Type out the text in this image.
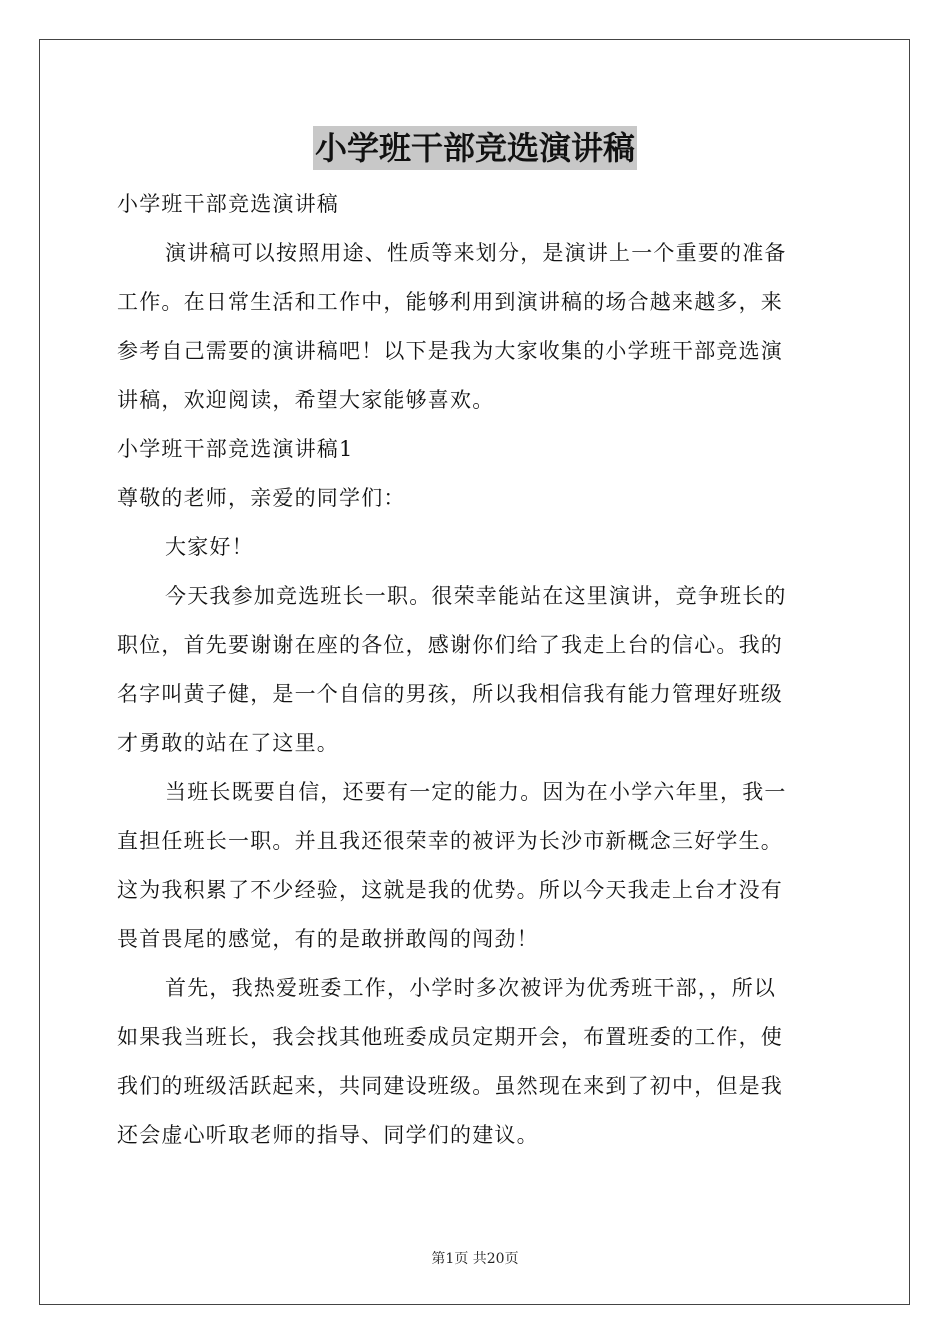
小学班干部竞选演讲稿
小学班干部竞选演讲稿
演讲稿可以按照用途、性质等来划分，是演讲上一个重要的准备
工作。在日常生活和工作中，能够利用到演讲稿的场合越来越多，来
参考自己需要的演讲稿吧！以下是我为大家收集的小学班干部竞选演
讲稿，欢迎阅读，希望大家能够喜欢。
小学班干部竞选演讲稿1
尊敬的老师，亲爱的同学们：
大家好！
今天我参加竞选班长一职。很荣幸能站在这里演讲，竞争班长的
职位，首先要谢谢在座的各位，感谢你们给了我走上台的信心。我的
名字叫黄子健，是一个自信的男孩，所以我相信我有能力管理好班级
才勇敢的站在了这里。
当班长既要自信，还要有一定的能力。因为在小学六年里，我一
直担任班长一职。并且我还很荣幸的被评为长沙市新概念三好学生。
这为我积累了不少经验，这就是我的优势。所以今天我走上台才没有
畏首畏尾的感觉，有的是敢拼敢闯的闯劲！
首先，我热爱班委工作，小学时多次被评为优秀班干部，，所以
如果我当班长，我会找其他班委成员定期开会，布置班委的工作，使
我们的班级活跃起来，共同建设班级。虽然现在来到了初中，但是我
还会虚心听取老师的指导、同学们的建议。
第1页 共20页
